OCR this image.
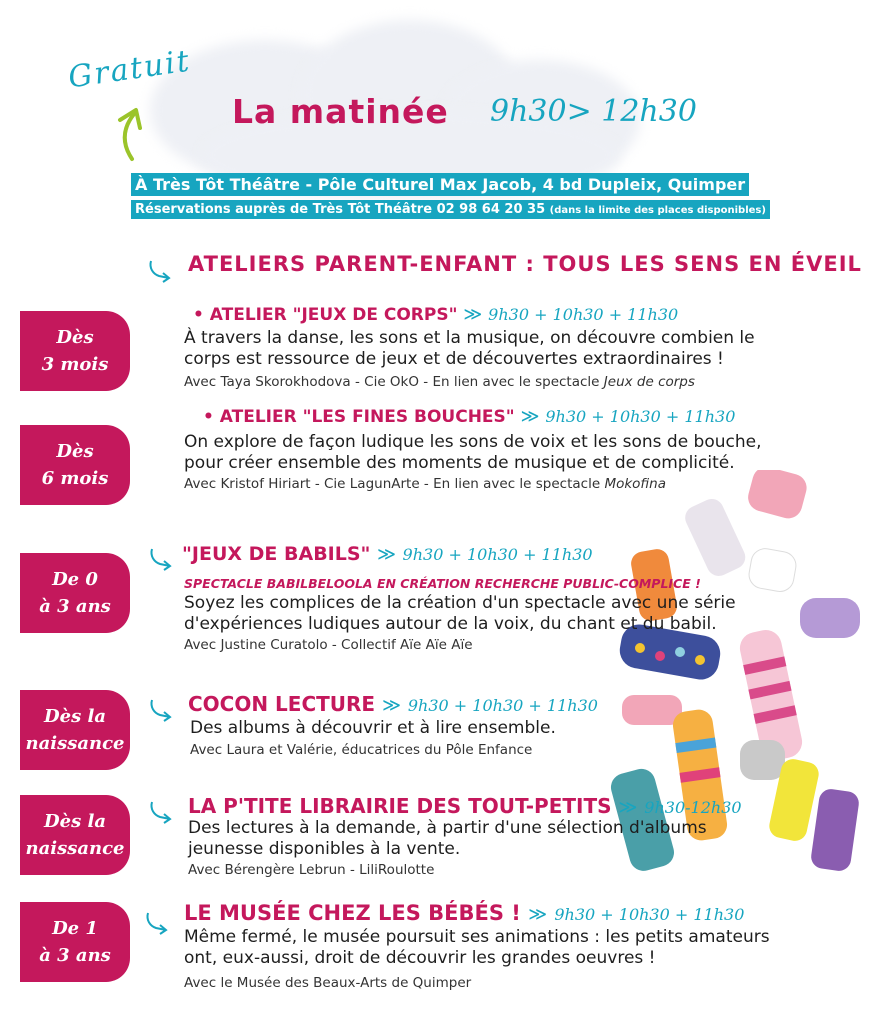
Gratuit
La matinée 9h30> 12h30
À Très Tôt Théâtre - Pôle Culturel Max Jacob, 4 bd Dupleix, Quimper
Réservations auprès de Très Tôt Théâtre 02 98 64 20 35 (dans la limite des places disponibles)
ATELIERS PARENT-ENFANT : TOUS LES SENS EN ÉVEIL
Dès
3 mois
• ATELIER "JEUX DE CORPS" ≫ 9h30 + 10h30 + 11h30
À travers la danse, les sons et la musique, on découvre combien le
corps est ressource de jeux et de découvertes extraordinaires !
Avec Taya Skorokhodova - Cie OkO - En lien avec le spectacle Jeux de corps
Dès
6 mois
• ATELIER "LES FINES BOUCHES" ≫ 9h30 + 10h30 + 11h30
On explore de façon ludique les sons de voix et les sons de bouche,
pour créer ensemble des moments de musique et de complicité.
Avec Kristof Hiriart - Cie LagunArte - En lien avec le spectacle Mokofina
De 0
à 3 ans
"JEUX DE BABILS" ≫ 9h30 + 10h30 + 11h30
SPECTACLE BABILBELOOLA EN CRÉATION RECHERCHE PUBLIC-COMPLICE !
Soyez les complices de la création d'un spectacle avec une série
d'expériences ludiques autour de la voix, du chant et du babil.
Avec Justine Curatolo - Collectif Aïe Aïe Aïe
Dès la
naissance
COCON LECTURE ≫ 9h30 + 10h30 + 11h30
Des albums à découvrir et à lire ensemble.
Avec Laura et Valérie, éducatrices du Pôle Enfance
Dès la
naissance
LA P'TITE LIBRAIRIE DES TOUT-PETITS ≫ 9h30-12h30
Des lectures à la demande, à partir d'une sélection d'albums
jeunesse disponibles à la vente.
Avec Bérengère Lebrun - LiliRoulotte
De 1
à 3 ans
LE MUSÉE CHEZ LES BÉBÉS ! ≫ 9h30 + 10h30 + 11h30
Même fermé, le musée poursuit ses animations : les petits amateurs
ont, eux-aussi, droit de découvrir les grandes oeuvres !
Avec le Musée des Beaux-Arts de Quimper
